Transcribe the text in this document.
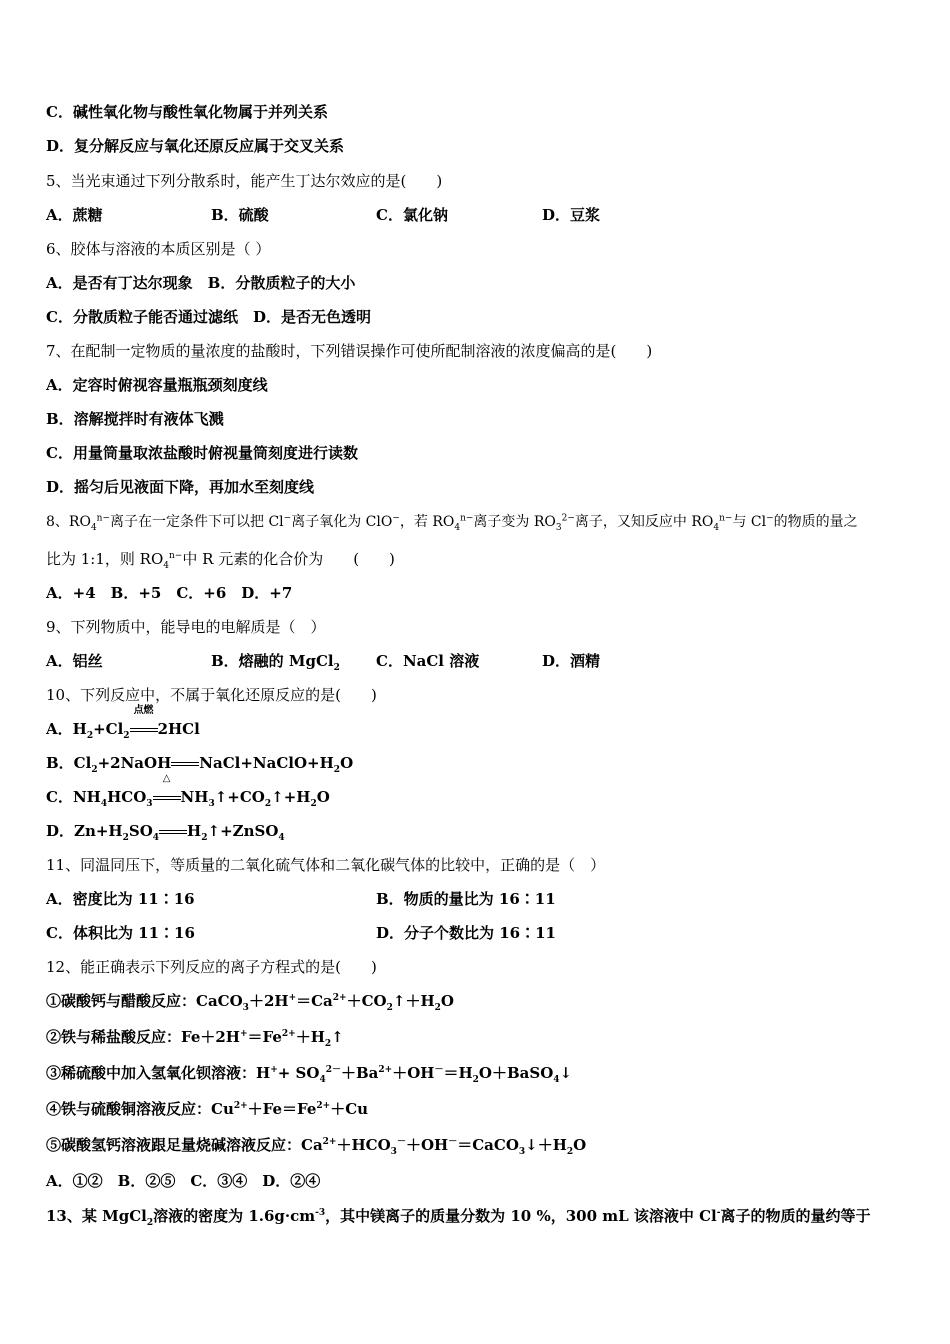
C．碱性氧化物与酸性氧化物属于并列关系
D．复分解反应与氧化还原反应属于交叉关系
5、当光束通过下列分散系时，能产生丁达尔效应的是(　　)
A．蔗糖	B．硫酸	C．氯化钠	D．豆浆
6、胶体与溶液的本质区别是（ ）
A．是否有丁达尔现象　B．分散质粒子的大小
C．分散质粒子能否通过滤纸　D．是否无色透明
7、在配制一定物质的量浓度的盐酸时，下列错误操作可使所配制溶液的浓度偏高的是(　　)
A．定容时俯视容量瓶瓶颈刻度线
B．溶解搅拌时有液体飞溅
C．用量筒量取浓盐酸时俯视量筒刻度进行读数
D．摇匀后见液面下降，再加水至刻度线
8、$RO_4^{n-}$离子在一定条件下可以把 Cl−离子氧化为 ClO−，若 $RO_4^{n-}$离子变为 $RO_3^{2-}$离子，又知反应中 $RO_4^{n-}$与 Cl−的物质的量之
比为 1:1，则 $RO_4^{n-}$中 R 元素的化合价为　　(　　)
A．+4　B．+5　C．+6　D．+7
9、下列物质中，能导电的电解质是（　）
A．铝丝	B．熔融的 MgCl$_2$ C．NaCl 溶液	D．酒精
10、下列反应中，不属于氧化还原反应的是(　　)
A．$H_2+Cl_2$
点燃
2HCl
B．$Cl_2+2NaOH$ $NaCl+NaClO+H_2O$
C．$NH_4HCO_3$
△
$NH_3↑+CO_2↑+H_2O$
D．$Zn+H_2SO_4$ $H_2↑+ZnSO_4$
11、同温同压下，等质量的二氧化硫气体和二氧化碳气体的比较中，正确的是（　）
A．密度比为 11∶16	B．物质的量比为 16∶11
C．体积比为 11∶16	D．分子个数比为 16∶11
12、能正确表示下列反应的离子方程式的是(　　)
①碳酸钙与醋酸反应：$CaCO_3+2H^+=Ca^{2+}+CO_2↑+H_2O$
②铁与稀盐酸反应：$Fe+2H^+=Fe^{2+}+H_2↑$
③稀硫酸中加入氢氧化钡溶液：$H^++ SO_4^{2-}+Ba^{2+}+OH^-=H_2O+BaSO_4↓$
④铁与硫酸铜溶液反应：$Cu^{2+}+Fe=Fe^{2+}+Cu$
⑤碳酸氢钙溶液跟足量烧碱溶液反应：$Ca^{2+}+HCO_3^-+OH^-=CaCO_3↓+H_2O$
A．①②　B．②⑤　C．③④　D．②④
13、某 MgCl$_2$溶液的密度为 $1.6g\cdot cm^{-3}$，其中镁离子的质量分数为 10 %，300 mL 该溶液中 Cl-离子的物质的量约等于
